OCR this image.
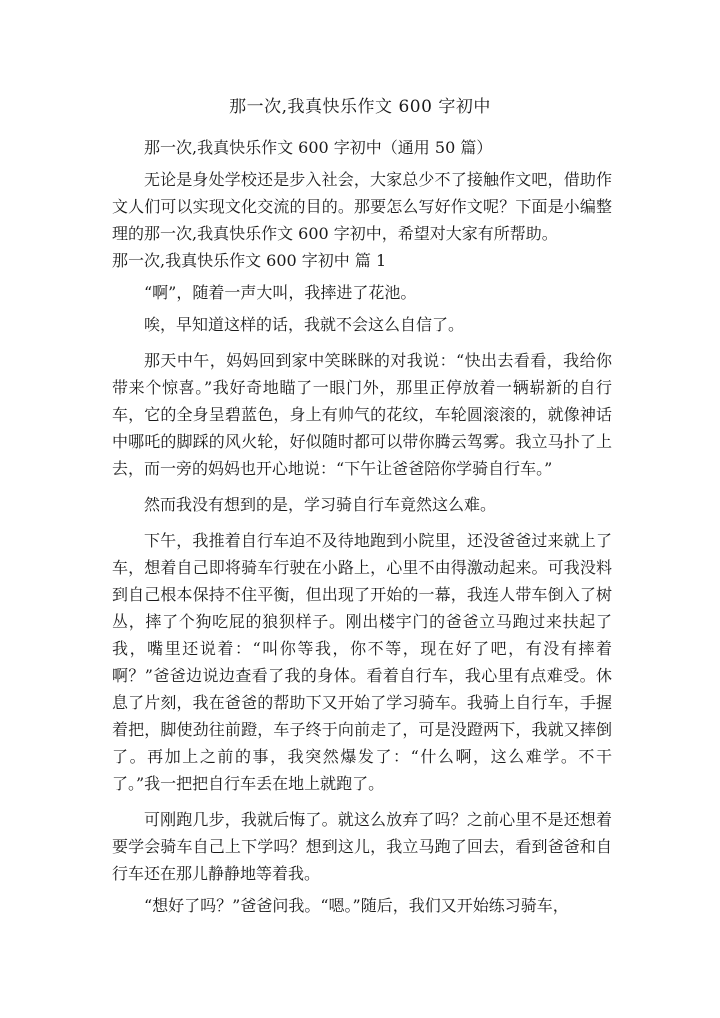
那一次,我真快乐作文 600 字初中

那一次,我真快乐作文 600 字初中（通用 50 篇）

无论是身处学校还是步入社会，大家总少不了接触作文吧，借助作文人们可以实现文化交流的目的。那要怎么写好作文呢？下面是小编整理的那一次,我真快乐作文 600 字初中，希望对大家有所帮助。

那一次,我真快乐作文 600 字初中 篇 1

“啊”，随着一声大叫，我摔进了花池。

唉，早知道这样的话，我就不会这么自信了。

那天中午，妈妈回到家中笑眯眯的对我说：“快出去看看，我给你带来个惊喜。”我好奇地瞄了一眼门外，那里正停放着一辆崭新的自行车，它的全身呈碧蓝色，身上有帅气的花纹，车轮圆滚滚的，就像神话中哪吒的脚踩的风火轮，好似随时都可以带你腾云驾雾。我立马扑了上去，而一旁的妈妈也开心地说：“下午让爸爸陪你学骑自行车。”

然而我没有想到的是，学习骑自行车竟然这么难。

下午，我推着自行车迫不及待地跑到小院里，还没爸爸过来就上了车，想着自己即将骑车行驶在小路上，心里不由得激动起来。可我没料到自己根本保持不住平衡，但出现了开始的一幕，我连人带车倒入了树丛，摔了个狗吃屁的狼狈样子。刚出楼宇门的爸爸立马跑过来扶起了我，嘴里还说着：“叫你等我，你不等，现在好了吧，有没有摔着啊？”爸爸边说边查看了我的身体。看着自行车，我心里有点难受。休息了片刻，我在爸爸的帮助下又开始了学习骑车。我骑上自行车，手握着把，脚使劲往前蹬，车子终于向前走了，可是没蹬两下，我就又摔倒了。再加上之前的事，我突然爆发了：“什么啊，这么难学。不干了。”我一把把自行车丢在地上就跑了。

可刚跑几步，我就后悔了。就这么放弃了吗？之前心里不是还想着要学会骑车自己上下学吗？想到这儿，我立马跑了回去，看到爸爸和自行车还在那儿静静地等着我。

“想好了吗？”爸爸问我。“嗯。”随后，我们又开始练习骑车，
